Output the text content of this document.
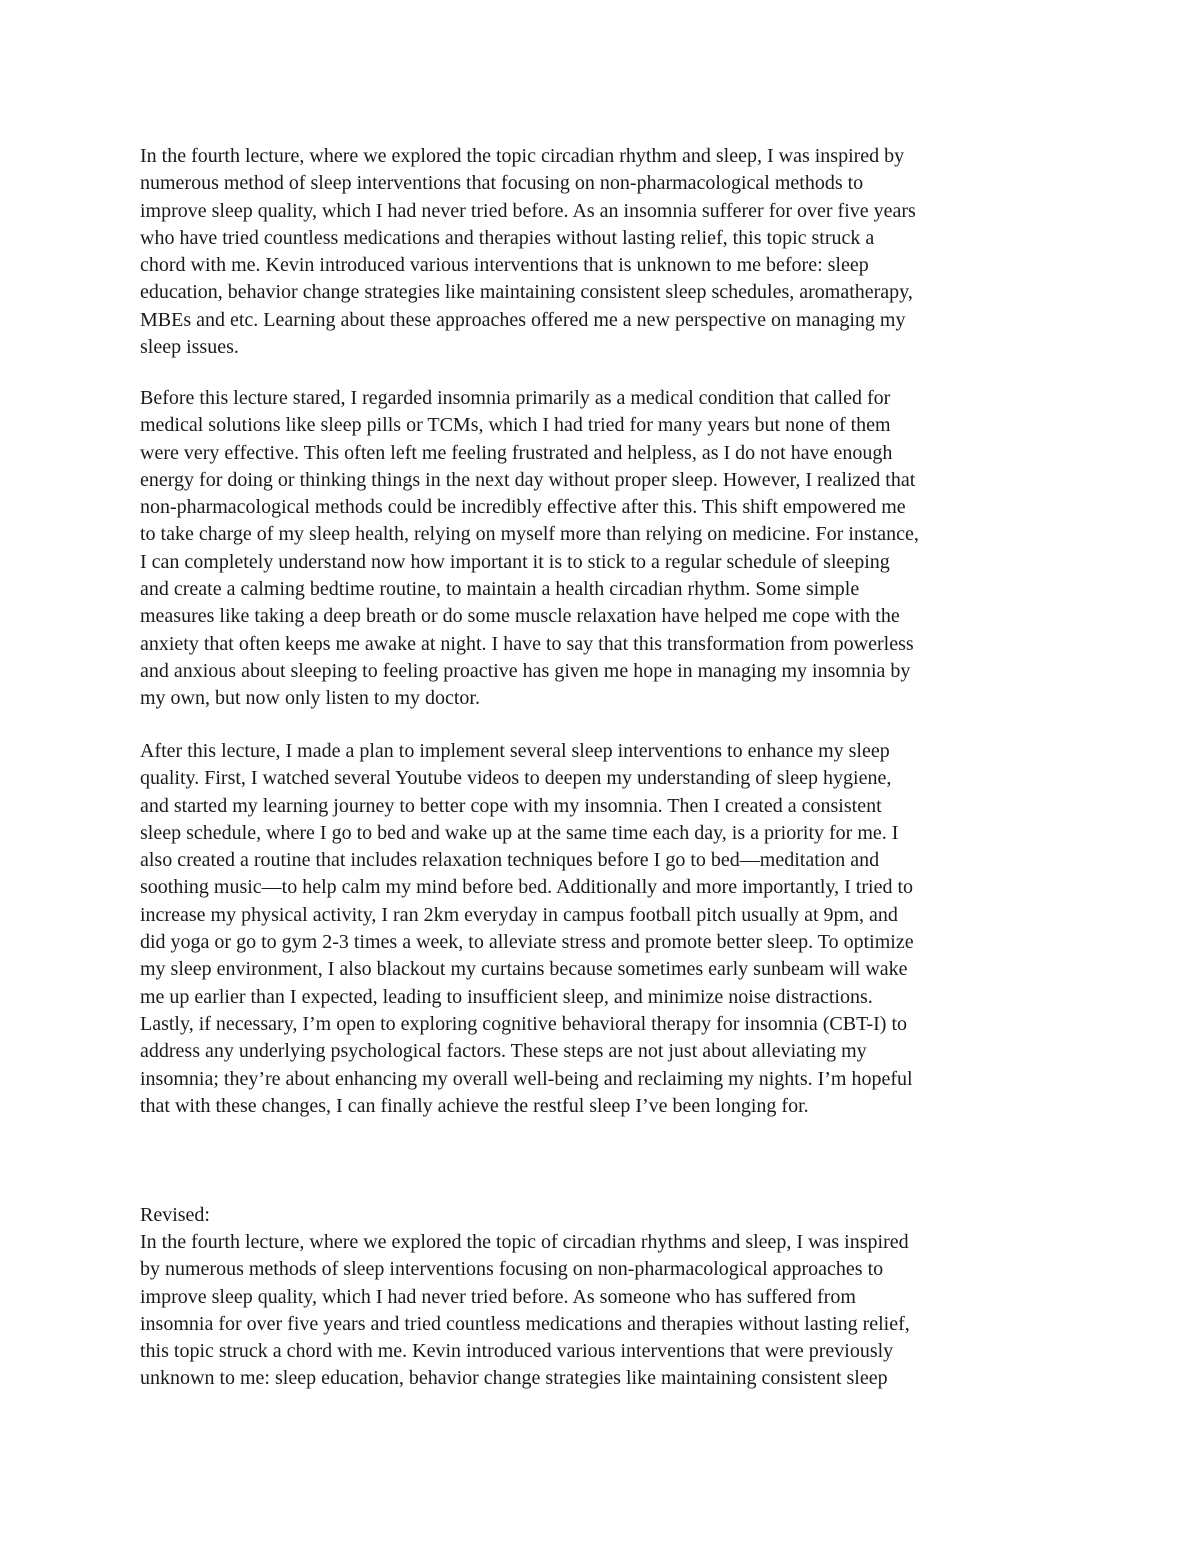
In the fourth lecture, where we explored the topic circadian rhythm and sleep, I was inspired by
numerous method of sleep interventions that focusing on non-pharmacological methods to
improve sleep quality, which I had never tried before. As an insomnia sufferer for over five years
who have tried countless medications and therapies without lasting relief, this topic struck a
chord with me. Kevin introduced various interventions that is unknown to me before: sleep
education, behavior change strategies like maintaining consistent sleep schedules, aromatherapy,
MBEs and etc. Learning about these approaches offered me a new perspective on managing my
sleep issues.
Before this lecture stared, I regarded insomnia primarily as a medical condition that called for
medical solutions like sleep pills or TCMs, which I had tried for many years but none of them
were very effective. This often left me feeling frustrated and helpless, as I do not have enough
energy for doing or thinking things in the next day without proper sleep. However, I realized that
non-pharmacological methods could be incredibly effective after this. This shift empowered me
to take charge of my sleep health, relying on myself more than relying on medicine. For instance,
I can completely understand now how important it is to stick to a regular schedule of sleeping
and create a calming bedtime routine, to maintain a health circadian rhythm. Some simple
measures like taking a deep breath or do some muscle relaxation have helped me cope with the
anxiety that often keeps me awake at night. I have to say that this transformation from powerless
and anxious about sleeping to feeling proactive has given me hope in managing my insomnia by
my own, but now only listen to my doctor.
After this lecture, I made a plan to implement several sleep interventions to enhance my sleep
quality. First, I watched several Youtube videos to deepen my understanding of sleep hygiene,
and started my learning journey to better cope with my insomnia. Then I created a consistent
sleep schedule, where I go to bed and wake up at the same time each day, is a priority for me. I
also created a routine that includes relaxation techniques before I go to bed—meditation and
soothing music—to help calm my mind before bed. Additionally and more importantly, I tried to
increase my physical activity, I ran 2km everyday in campus football pitch usually at 9pm, and
did yoga or go to gym 2-3 times a week, to alleviate stress and promote better sleep. To optimize
my sleep environment, I also blackout my curtains because sometimes early sunbeam will wake
me up earlier than I expected, leading to insufficient sleep, and minimize noise distractions.
Lastly, if necessary, I’m open to exploring cognitive behavioral therapy for insomnia (CBT-I) to
address any underlying psychological factors. These steps are not just about alleviating my
insomnia; they’re about enhancing my overall well-being and reclaiming my nights. I’m hopeful
that with these changes, I can finally achieve the restful sleep I’ve been longing for.
Revised:
In the fourth lecture, where we explored the topic of circadian rhythms and sleep, I was inspired
by numerous methods of sleep interventions focusing on non-pharmacological approaches to
improve sleep quality, which I had never tried before. As someone who has suffered from
insomnia for over five years and tried countless medications and therapies without lasting relief,
this topic struck a chord with me. Kevin introduced various interventions that were previously
unknown to me: sleep education, behavior change strategies like maintaining consistent sleep
